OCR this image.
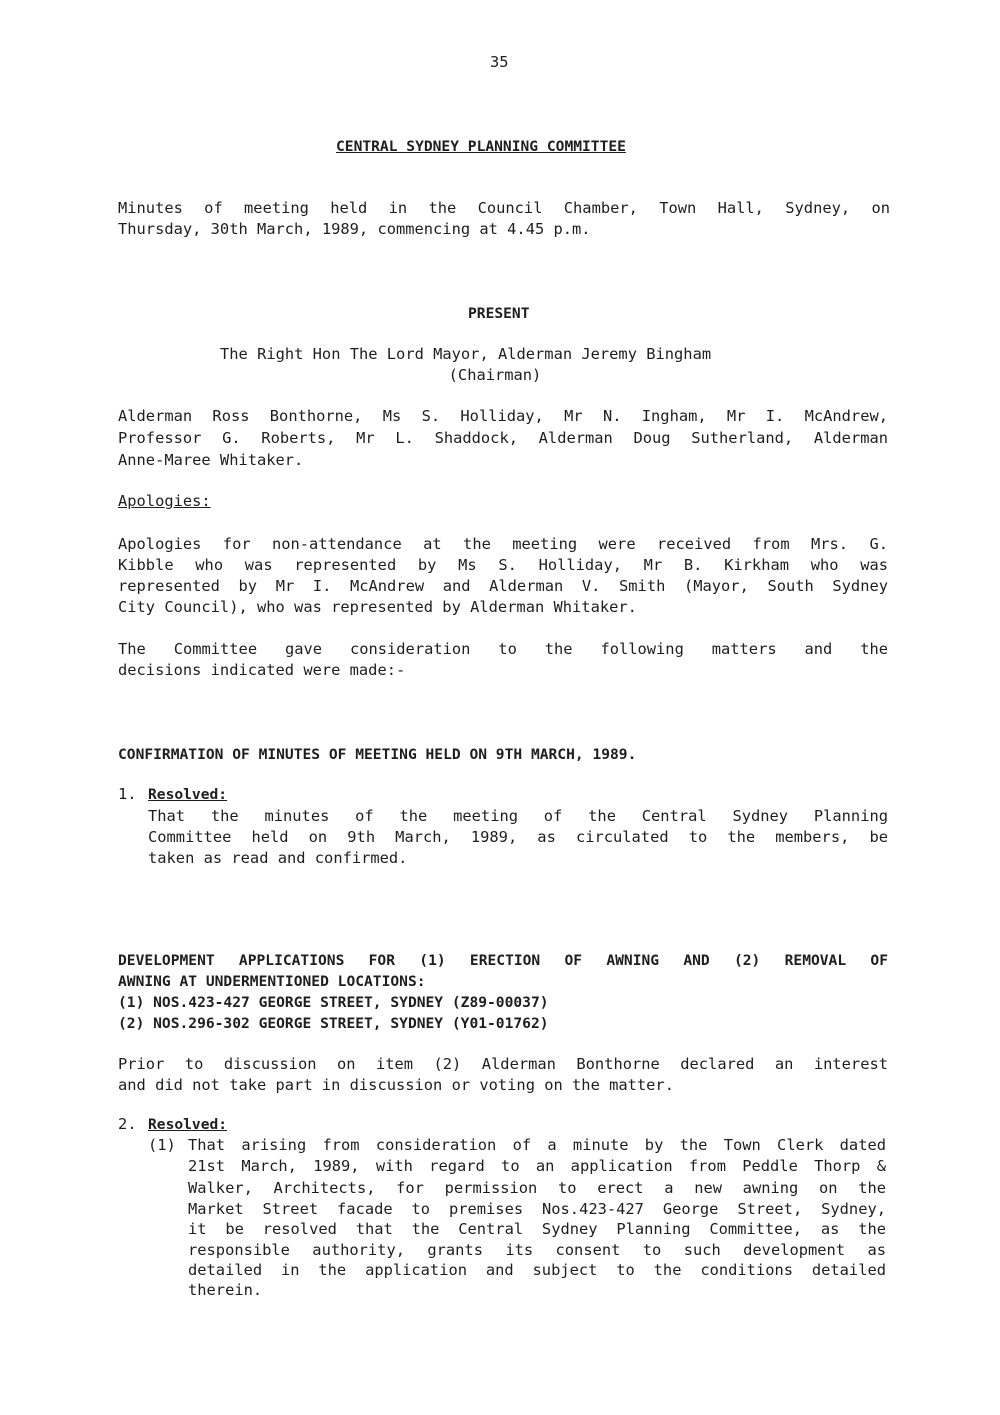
35

CENTRAL SYDNEY PLANNING COMMITTEE

Minutes of meeting held in the Council Chamber, Town Hall, Sydney, on

Thursday, 30th March, 1989, commencing at 4.45 p.m.

PRESENT

The Right Hon The Lord Mayor, Alderman Jeremy Bingham

(Chairman)

Alderman Ross Bonthorne, Ms S. Holliday, Mr N. Ingham, Mr I. McAndrew,

Professor G. Roberts, Mr L. Shaddock, Alderman Doug Sutherland, Alderman

Anne-Maree Whitaker.

Apologies:

Apologies for non-attendance at the meeting were received from Mrs. G.

Kibble who was represented by Ms S. Holliday, Mr B. Kirkham who was

represented by Mr I. McAndrew and Alderman V. Smith (Mayor, South Sydney

City Council), who was represented by Alderman Whitaker.

The Committee gave consideration to the following matters and the

decisions indicated were made:-

CONFIRMATION OF MINUTES OF MEETING HELD ON 9TH MARCH, 1989.

1. Resolved:

That the minutes of the meeting of the Central Sydney Planning

Committee held on 9th March, 1989, as circulated to the members, be

taken as read and confirmed.

DEVELOPMENT APPLICATIONS FOR (1) ERECTION OF AWNING AND (2) REMOVAL OF

AWNING AT UNDERMENTIONED LOCATIONS:

(1) NOS.423-427 GEORGE STREET, SYDNEY (Z89-00037)

(2) NOS.296-302 GEORGE STREET, SYDNEY (Y01-01762)

Prior to discussion on item (2) Alderman Bonthorne declared an interest

and did not take part in discussion or voting on the matter.

2. Resolved:

(1) That arising from consideration of a minute by the Town Clerk dated

21st March, 1989, with regard to an application from Peddle Thorp &

Walker, Architects, for permission to erect a new awning on the

Market Street facade to premises Nos.423-427 George Street, Sydney,

it be resolved that the Central Sydney Planning Committee, as the

responsible authority, grants its consent to such development as

detailed in the application and subject to the conditions detailed

therein.
